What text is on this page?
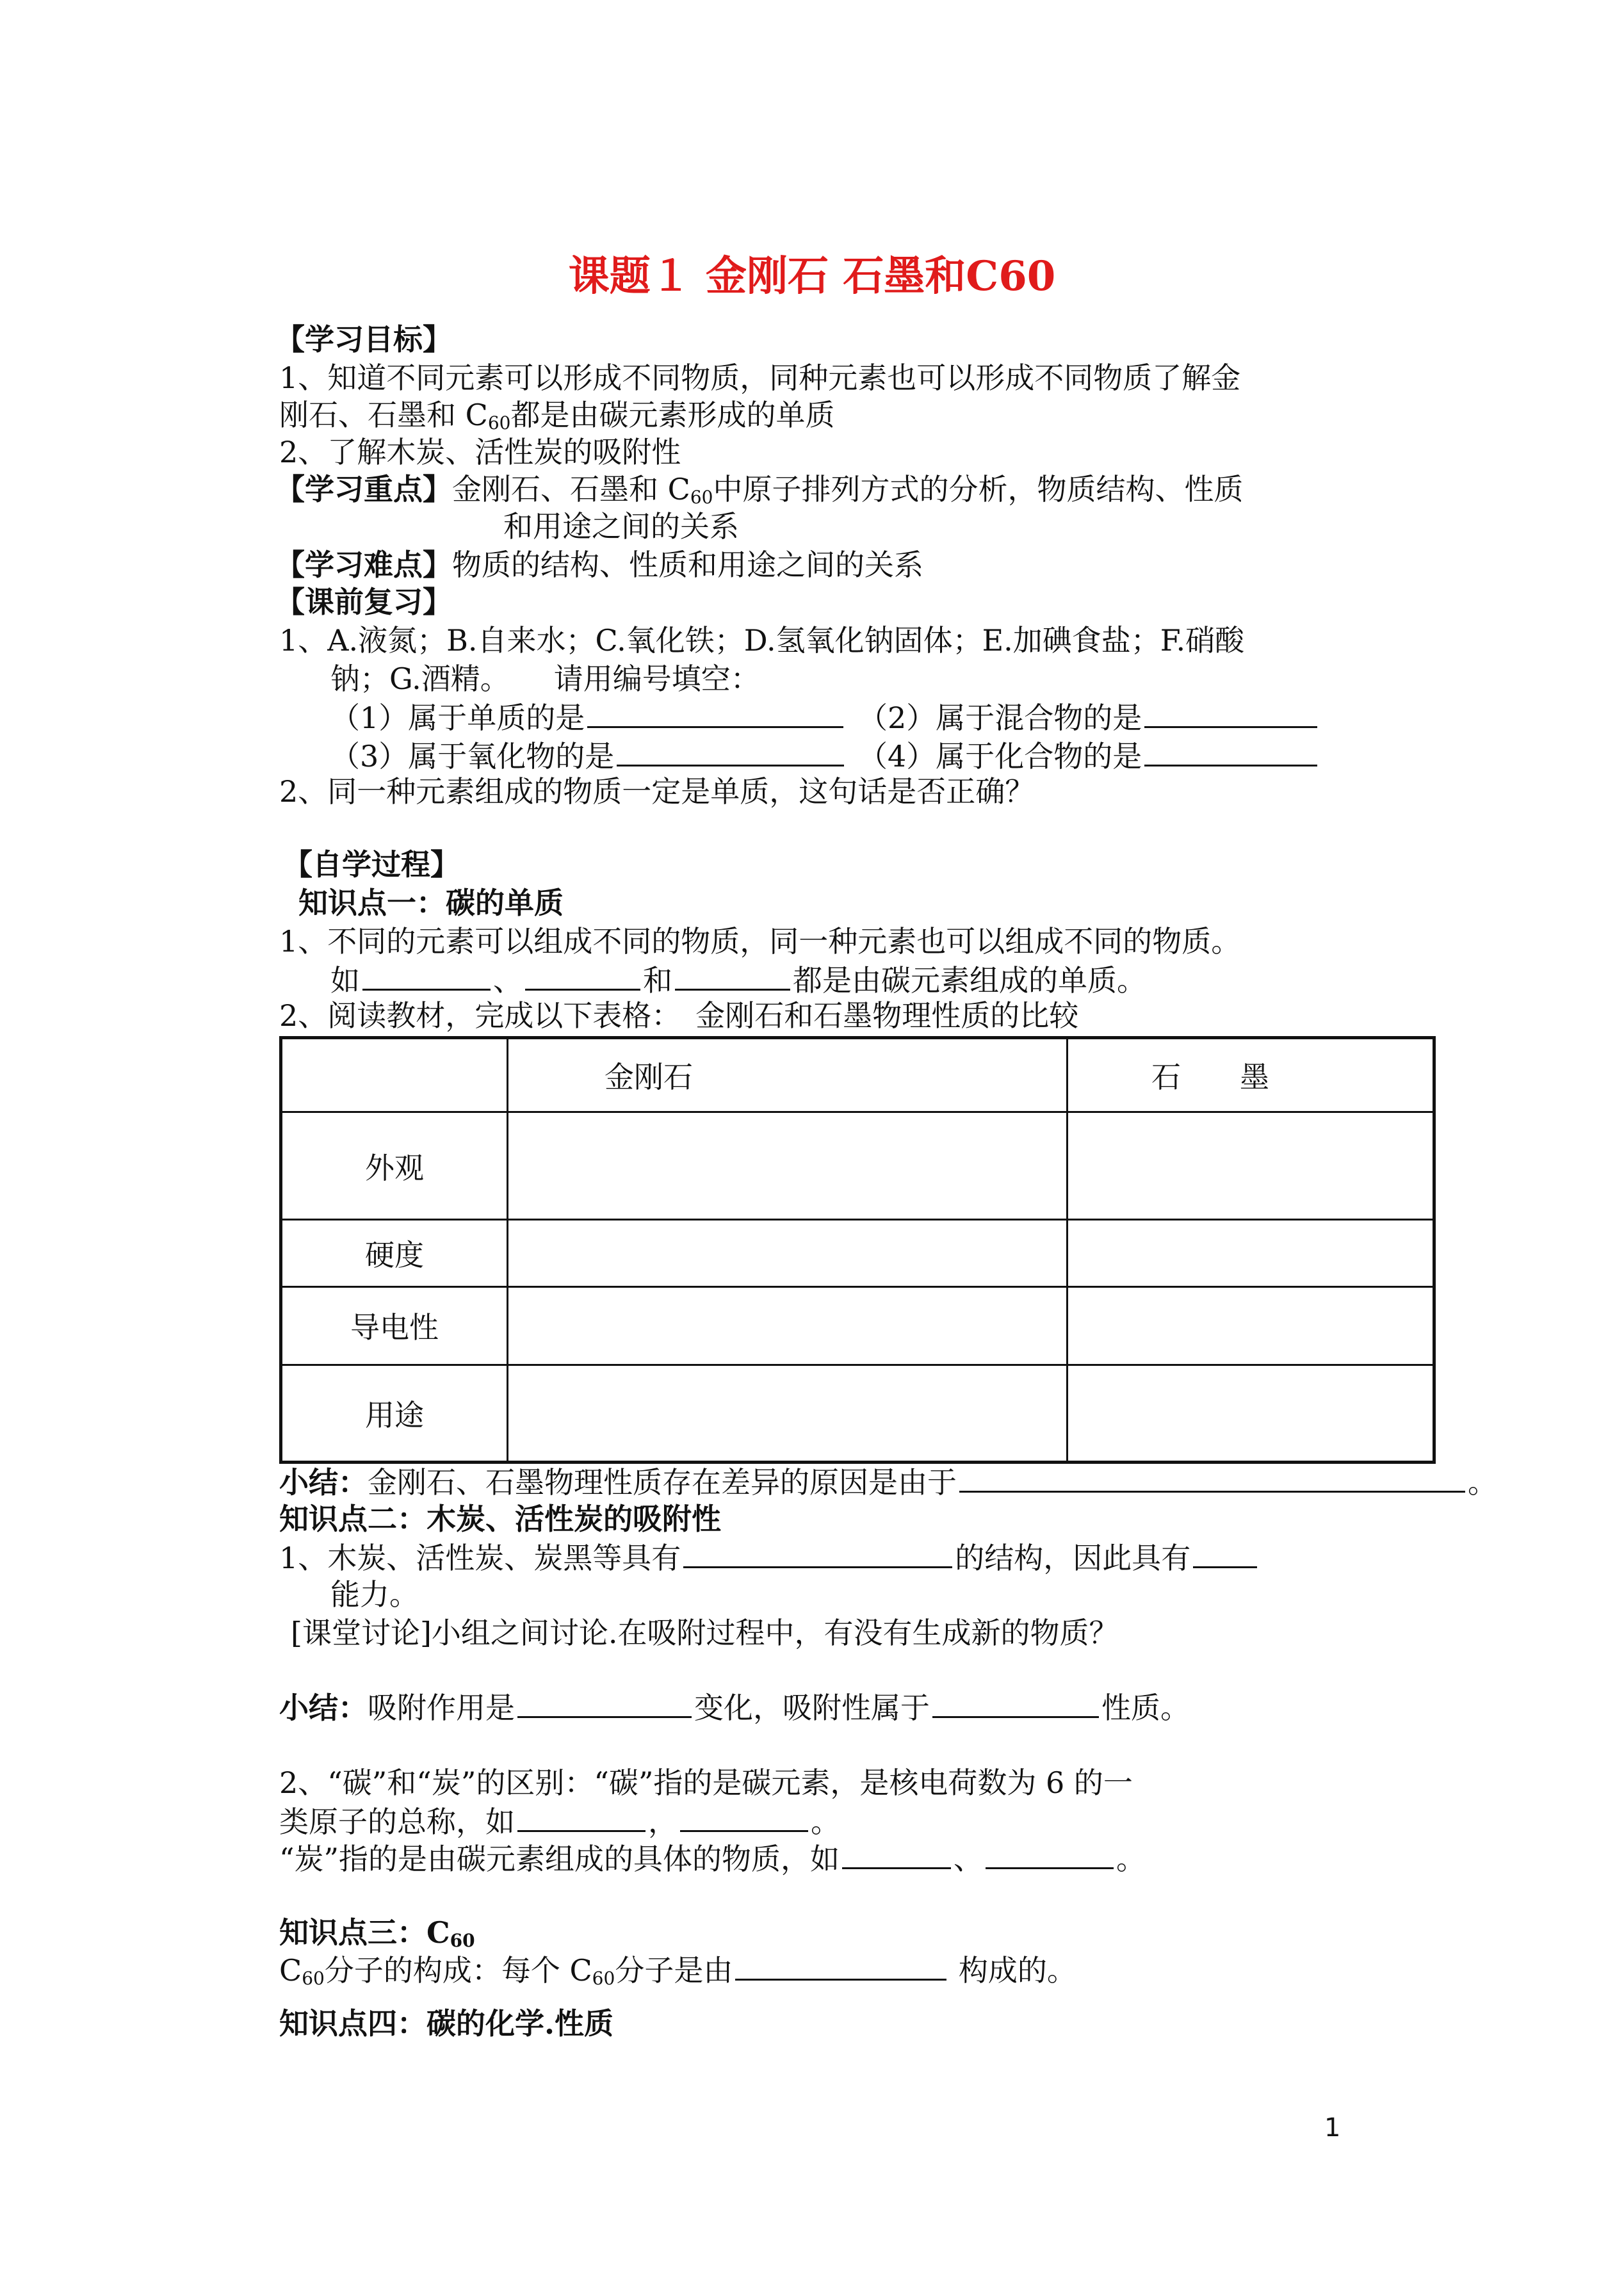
课题１ 金刚石 石墨和C60
【学习目标】
1、知道不同元素可以形成不同物质，同种元素也可以形成不同物质了解金
刚石、石墨和 $C_{60}$都是由碳元素形成的单质
2、了解木炭、活性炭的吸附性
【学习重点】金刚石、石墨和 $C_{60}$中原子排列方式的分析，物质结构、性质
和用途之间的关系
【学习难点】物质的结构、性质和用途之间的关系
【课前复习】
1、A.液氮；B.自来水；C.氧化铁；D.氢氧化钠固体；E.加碘食盐；F.硝酸
钠；G.酒精。　　请用编号填空：
（1）属于单质的是	（2）属于混合物的是
（3）属于氧化物的是	（4）属于化合物的是
2、同一种元素组成的物质一定是单质，这句话是否正确？
【自学过程】
知识点一：碳的单质
1、不同的元素可以组成不同的物质，同一种元素也可以组成不同的物质。
如	、	和	都是由碳元素组成的单质。
2、阅读教材，完成以下表格：　金刚石和石墨物理性质的比较
	金刚石	石　　墨
外观		
硬度		
导电性		
用途		
小结：金刚石、石墨物理性质存在差异的原因是由于	。
知识点二：木炭、活性炭的吸附性
1、木炭、活性炭、炭黑等具有	的结构，因此具有
能力。
[课堂讨论]小组之间讨论.在吸附过程中，有没有生成新的物质？
小结：吸附作用是	变化，吸附性属于	性质。
2、“碳”和“炭”的区别：“碳”指的是碳元素，是核电荷数为 6 的一
类原子的总称，如	，	。
“炭”指的是由碳元素组成的具体的物质，如	、	。
知识点三：$C_{60}$
$C_{60}$分子的构成：每个 $C_{60}$分子是由	构成的。
知识点四：碳的化学.性质
1
